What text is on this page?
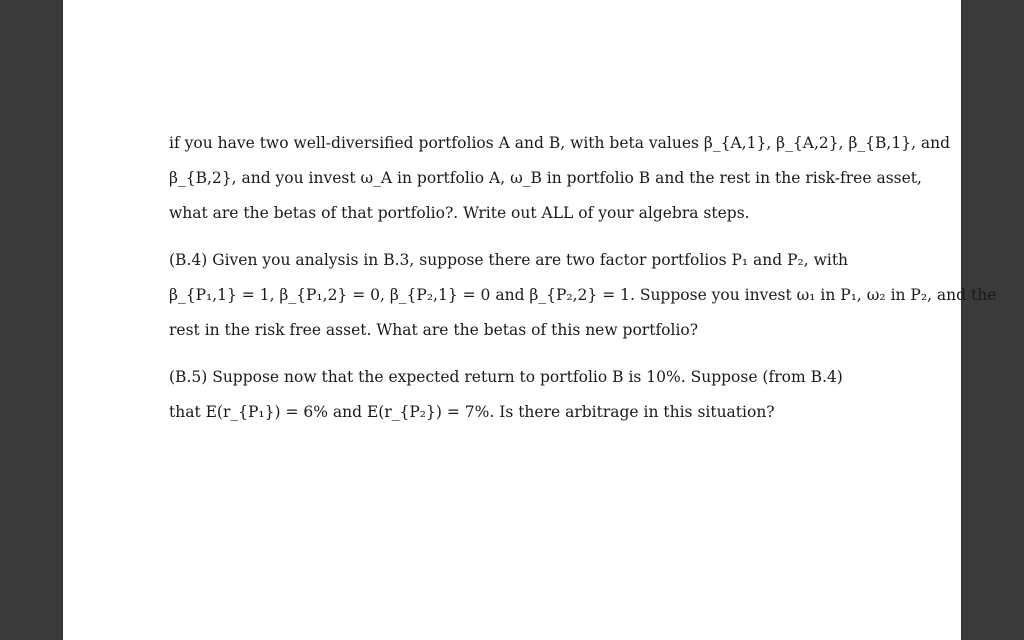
if you have two well-diversified portfolios A and B, with beta values β_{A,1}, β_{A,2}, β_{B,1}, and
β_{B,2}, and you invest ω_A in portfolio A, ω_B in portfolio B and the rest in the risk-free asset,
what are the betas of that portfolio?. Write out ALL of your algebra steps.
(B.4) Given you analysis in B.3, suppose there are two factor portfolios P₁ and P₂, with
β_{P₁,1} = 1, β_{P₁,2} = 0, β_{P₂,1} = 0 and β_{P₂,2} = 1. Suppose you invest ω₁ in P₁, ω₂ in P₂, and the
rest in the risk free asset. What are the betas of this new portfolio?
(B.5) Suppose now that the expected return to portfolio B is 10%. Suppose (from B.4)
that E(r_{P₁}) = 6% and E(r_{P₂}) = 7%. Is there arbitrage in this situation?
